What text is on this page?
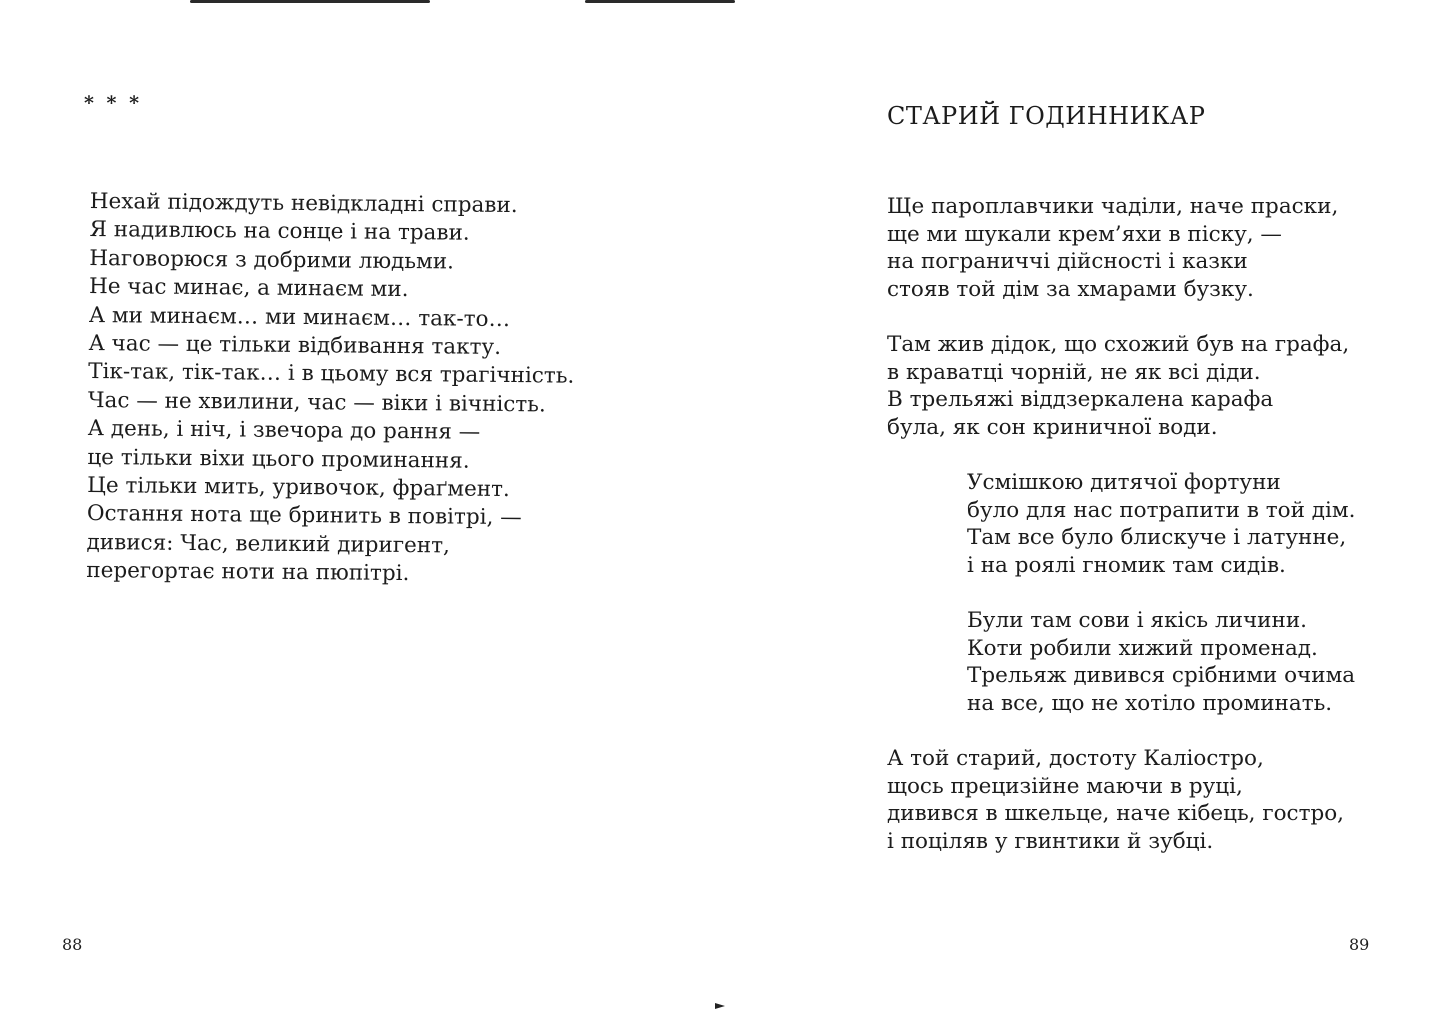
* * *

Нехай підождуть невідкладні справи.
Я надивлюсь на сонце і на трави.
Наговорюся з добрими людьми.
Не час минає, а минаєм ми.
А ми минаєм… ми минаєм… так-то…
А час — це тільки відбивання такту.
Тік-так, тік-так… і в цьому вся трагічність.
Час — не хвилини, час — віки і вічність.
А день, і ніч, і звечора до рання —
це тільки віхи цього проминання.
Це тільки мить, уривочок, фраґмент.
Остання нота ще бринить в повітрі, —
дивися: Час, великий диригент,
перегортає ноти на пюпітрі.

88

СТАРИЙ ГОДИННИКАР
Ще пароплавчики чаділи, наче праски,
ще ми шукали крем’яхи в піску, —
на пограниччі дійсності і казки
стояв той дім за хмарами бузку.
Там жив дідок, що схожий був на графа,
в краватці чорній, не як всі діди.
В трельяжі віддзеркалена карафа
була, як сон криничної води.
Усмішкою дитячої фортуни
було для нас потрапити в той дім.
Там все було блискуче і латунне,
і на роялі гномик там сидів.
Були там сови і якісь личини.
Коти робили хижий променад.
Трельяж дивився срібними очима
на все, що не хотіло проминать.
А той старий, достоту Каліостро,
щось прецизійне маючи в руці,
дивився в шкельце, наче кібець, гостро,
і поціляв у гвинтики й зубці.

89
